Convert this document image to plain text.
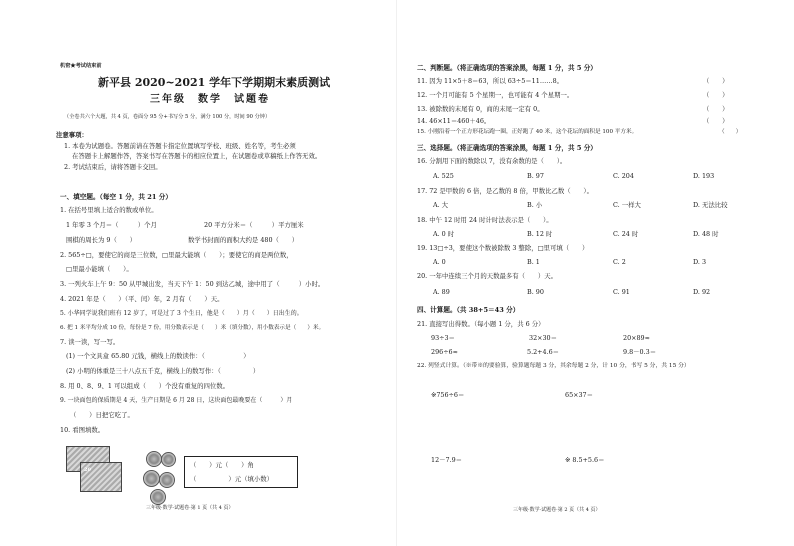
机密★考试结束前
新平县 2020~2021 学年下学期期末素质测试
三年级　数学　试题卷
（全卷共六个大题，共 4 页，卷面分 95 分+书写分 5 分，满分 100 分，时间 90 分钟）
注意事项：
1. 本卷为试题卷。答题前请在答题卡指定位置填写学校、班级、姓名等，考生必须
在答题卡上解题作答，答案书写在答题卡的相应位置上，在试题卷或草稿纸上作答无效。
2. 考试结束后，请将答题卡交回。
一、填空题。（每空 1 分，共 21 分）
1. 在括号里填上适合的数或单位。
1 年零 3 个月＝（　　　）个月	20 平方分米＝（　　　）平方厘米
围棋的周长为 9（　　）	数学书封面的面积大约是 480（　　）
2. 565÷□，要使它的商是三位数，□里最大能填（　　）；要使它的商是两位数，
□里最小能填（　　）。
3. 一列火车上午 9：50 从甲城出发，当天下午 1：50 到达乙城，途中用了（　　　）小时。
4. 2021 年是（　　）（平、闰）年，2 月有（　　）天。
5. 小华同学说我们班有 12 岁了，可是过了 3 个生日，他是（　　）月（　　）日出生的。
6. 把 1 米平均分成 10 份，每份是 7 份，用分数表示是（　　）米（填分数），用小数表示是（　　）米。
7. 读一读，写一写。
(1) 一个文具盒 65.80 元钱，横线上的数读作：（　　　　　　）
(2) 小明的体重是三十八点五千克，横线上的数写作：（　　　　　）
8. 用 0、8、9、1 可以组成（　　）个没有重复的四位数。
9. 一块面包的保质期是 4 天，生产日期是 6 月 28 日，这块面包最晚要在（　　　）月
（　　）日把它吃了。
10. 看图填数。
20
（　　）元（　　）角
（　　　　　）元（填小数）
三年级·数学·试题卷·第 1 页（共 4 页）
二、判断题。（将正确选项的答案涂黑，每题 1 分，共 5 分）
11. 因为 11×5＋8＝63，所以 63÷5＝11……8。	（　　）
12. 一个月可能有 5 个星期一，也可能有 4 个星期一。	（　　）
13. 被除数的末尾有 0，商的末尾一定有 0。	（　　）
14. 46×11＝460＋46。	（　　）
15. 小刚沿着一个正方形花坛跑一圈，正好跑了 40 米，这个花坛的面积是 100 平方米。	（　　）
三、选择题。（将正确选项的答案涂黑，每题 1 分，共 5 分）
16. 分割用下面的数除以 7，没有余数的是（　　）。
A. 525	B. 97	C. 204	D. 193
17. 72 是甲数的 6 倍，是乙数的 8 倍，甲数比乙数（　　）。
A. 大	B. 小	C. 一样大	D. 无法比较
18. 中午 12 时用 24 时计时法表示是（　　）。
A. 0 时	B. 12 时	C. 24 时	D. 48 时
19. 13□÷3，要使这个数被除数 3 整除，□里可填（　　）
A. 0	B. 1	C. 2	D. 3
20. 一年中连续三个月的天数最多有（　　）天。
A. 89	B. 90	C. 91	D. 92
四、计算题。（共 38+5＝43 分）
21. 直接写出得数。（每小题 1 分，共 6 分）
93÷3＝	32×30＝	20×89≈
296÷6≈	5.2+4.6＝	9.8－0.3＝
22. 列竖式计算。（※带※的要验算，验算题每题 3 分，其余每题 2 分，计 10 分，书写 5 分，共 15 分）
※756÷6＝	65×37＝
12－7.9＝	※ 8.5+5.6＝
三年级·数学·试题卷·第 2 页（共 4 页）
